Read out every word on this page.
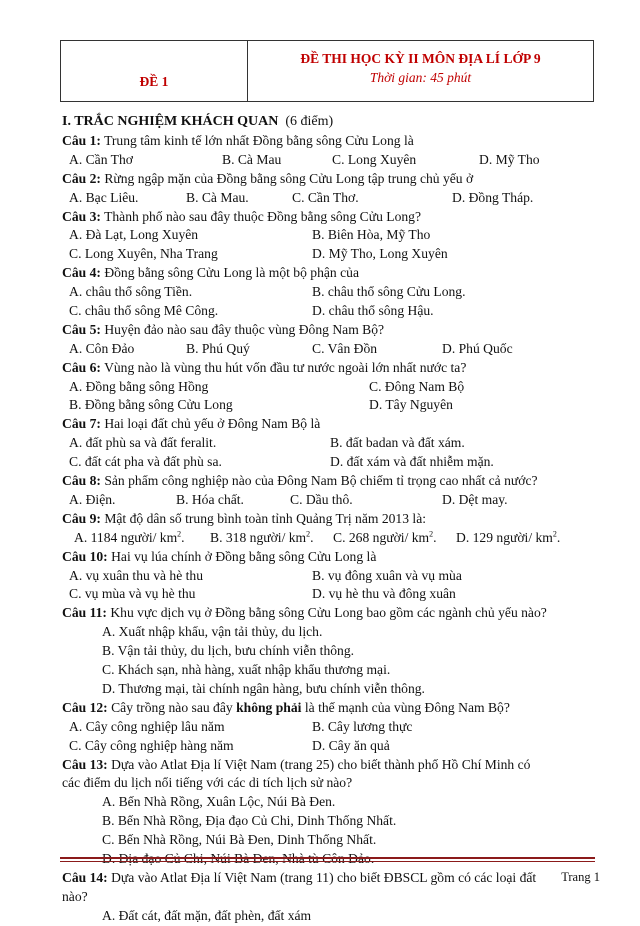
ĐỀ 1
ĐỀ THI HỌC KỲ II MÔN ĐỊA LÍ LỚP 9
Thời gian: 45 phút
I. TRẮC NGHIỆM KHÁCH QUAN (6 điểm)
Câu 1: Trung tâm kinh tế lớn nhất Đồng bằng sông Cửu Long là
A. Cần Thơ	B. Cà Mau	C. Long Xuyên	D. Mỹ Tho
Câu 2: Rừng ngập mặn của Đồng bằng sông Cửu Long tập trung chủ yếu ở
A. Bạc Liêu.	B. Cà Mau.	C. Cần Thơ.	D. Đồng Tháp.
Câu 3: Thành phố nào sau đây thuộc Đồng bằng sông Cửu Long?
A. Đà Lạt, Long Xuyên	B. Biên Hòa, Mỹ Tho
C. Long Xuyên, Nha Trang	D. Mỹ Tho, Long Xuyên
Câu 4: Đồng bằng sông Cửu Long là một bộ phận của
A. châu thổ sông Tiền.	B. châu thổ sông Cửu Long.
C. châu thổ sông Mê Công.	D. châu thổ sông Hậu.
Câu 5: Huyện đảo nào sau đây thuộc vùng Đông Nam Bộ?
A. Côn Đảo	B. Phú Quý	C. Vân Đồn	D. Phú Quốc
Câu 6: Vùng nào là vùng thu hút vốn đầu tư nước ngoài lớn nhất nước ta?
A. Đồng bằng sông Hồng	C. Đông Nam Bộ
B. Đồng bằng sông Cửu Long	D. Tây Nguyên
Câu 7: Hai loại đất chủ yếu ở Đông Nam Bộ là
A. đất phù sa và đất feralit.	B. đất badan và đất xám.
C. đất cát pha và đất phù sa.	D. đất xám và đất nhiễm mặn.
Câu 8: Sản phẩm công nghiệp nào của Đông Nam Bộ chiếm tỉ trọng cao nhất cả nước?
A. Điện.	B. Hóa chất.	C. Dầu thô.	D. Dệt may.
Câu 9: Mật độ dân số trung bình toàn tỉnh Quảng Trị năm 2013 là:
A. 1184 người/ $km^2$. B. 318 người/ $km^2$. C. 268 người/ $km^2$. D. 129 người/ $km^2$.
Câu 10: Hai vụ lúa chính ở Đồng bằng sông Cửu Long là
A. vụ xuân thu và hè thu	B. vụ đông xuân và vụ mùa
C. vụ mùa và vụ hè thu	D. vụ hè thu và đông xuân
Câu 11: Khu vực dịch vụ ở Đồng bằng sông Cửu Long bao gồm các ngành chủ yếu nào?
A. Xuất nhập khẩu, vận tải thủy, du lịch.
B. Vận tải thủy, du lịch, bưu chính viễn thông.
C. Khách sạn, nhà hàng, xuất nhập khẩu thương mại.
D. Thương mại, tài chính ngân hàng, bưu chính viễn thông.
Câu 12: Cây trồng nào sau đây không phải là thế mạnh của vùng Đông Nam Bộ?
A. Cây công nghiệp lâu năm	B. Cây lương thực
C. Cây công nghiệp hàng năm	D. Cây ăn quả
Câu 13: Dựa vào Atlat Địa lí Việt Nam (trang 25) cho biết thành phố Hồ Chí Minh có
các điểm du lịch nổi tiếng với các di tích lịch sử nào?
A. Bến Nhà Rồng, Xuân Lộc, Núi Bà Đen.
B. Bến Nhà Rồng, Địa đạo Củ Chi, Dinh Thống Nhất.
C. Bến Nhà Rồng, Núi Bà Đen, Dinh Thống Nhất.
Câu 14: Dựa vào Atlat Địa lí Việt Nam (trang 11) cho biết ĐBSCL gồm có các loại đất
nào?
A. Đất cát, đất mặn, đất phèn, đất xám
Trang 1
